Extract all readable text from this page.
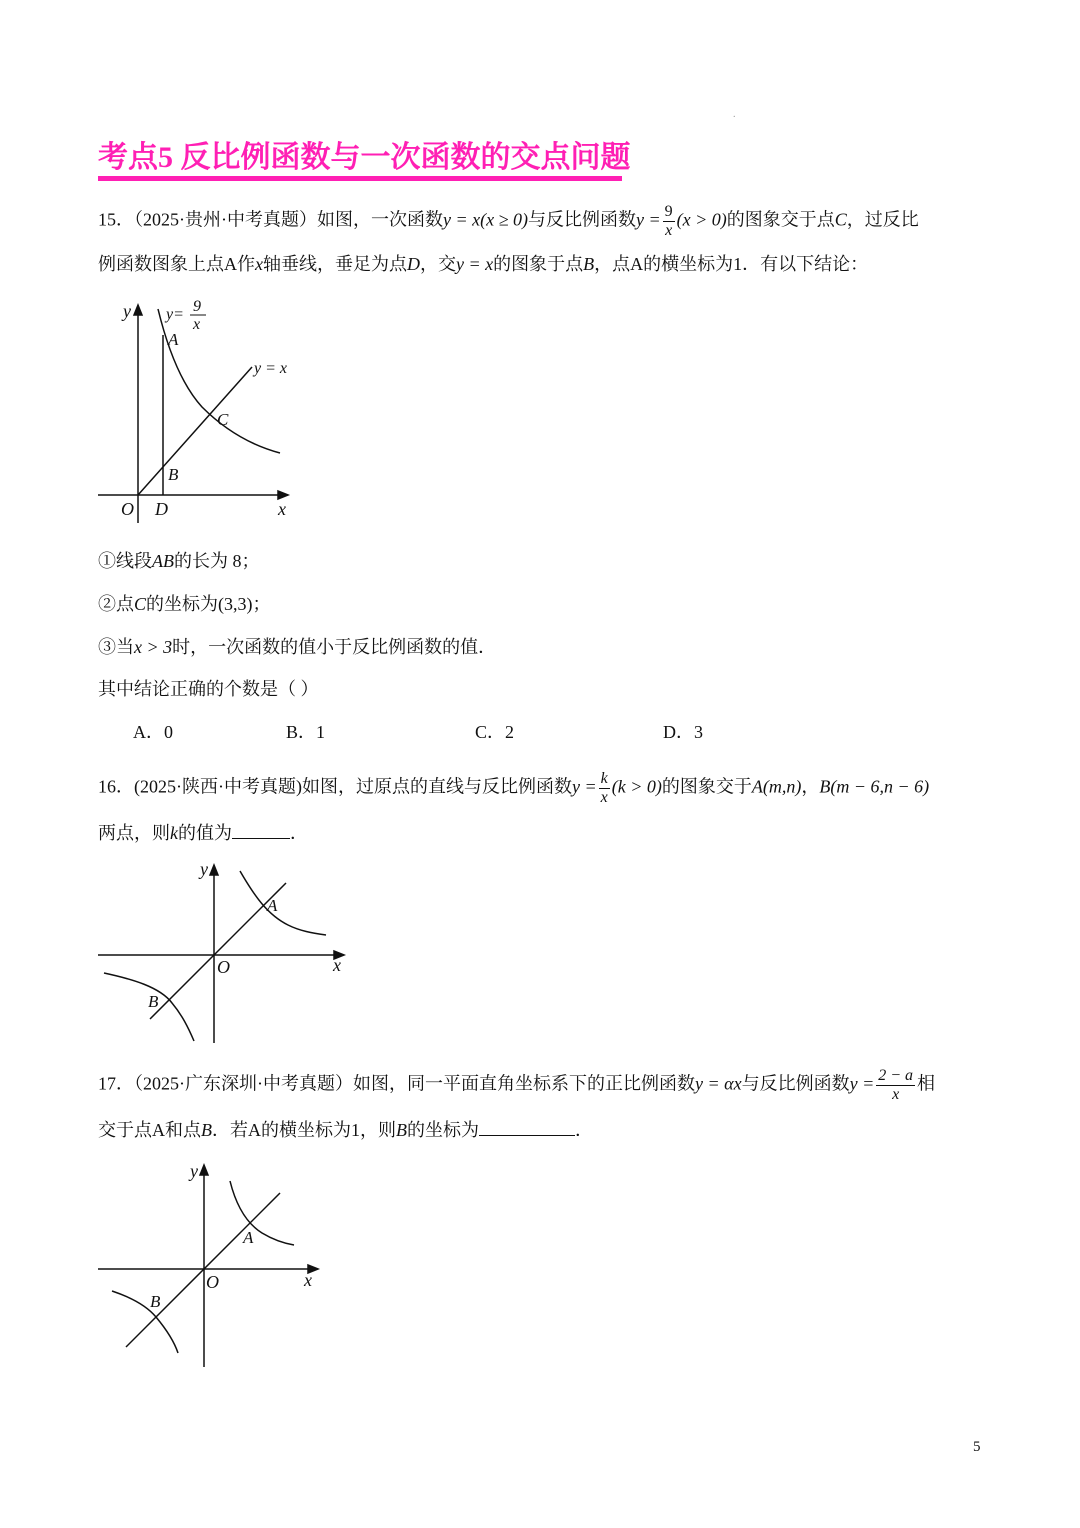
.
考点5 反比例函数与一次函数的交点问题
15．（2025·贵州·中考真题）如图，一次函数y = x(x ≥ 0)与反比例函数$y = \frac{9}{x} (x > 0)$的图象交于点C，过反比
例函数图象上点A作x轴垂线，垂足为点D，交y = x的图象于点B，点A的横坐标为1．有以下结论：
y
x
O D
A
B
C
y = x
y= 9
x
①线段AB的长为 8；
②点C的坐标为(3,3)；
③当x > 3时，一次函数的值小于反比例函数的值．
其中结论正确的个数是（ ）
A．0	B．1	C．2	D．3
16．(2025·陕西·中考真题)如图，过原点的直线与反比例函数$y = \frac{k}{x} (k > 0)$的图象交于A(m,n)，B(m − 6,n − 6)
两点，则k的值为	．
y
x
O
A
B
17．（2025·广东深圳·中考真题）如图，同一平面直角坐标系下的正比例函数y = αx与反比例函数$y = \frac{2 - a}{x}$ 相
交于点A和点B．若A的横坐标为1，则B的坐标为	．
y
x
O
A
B
5
